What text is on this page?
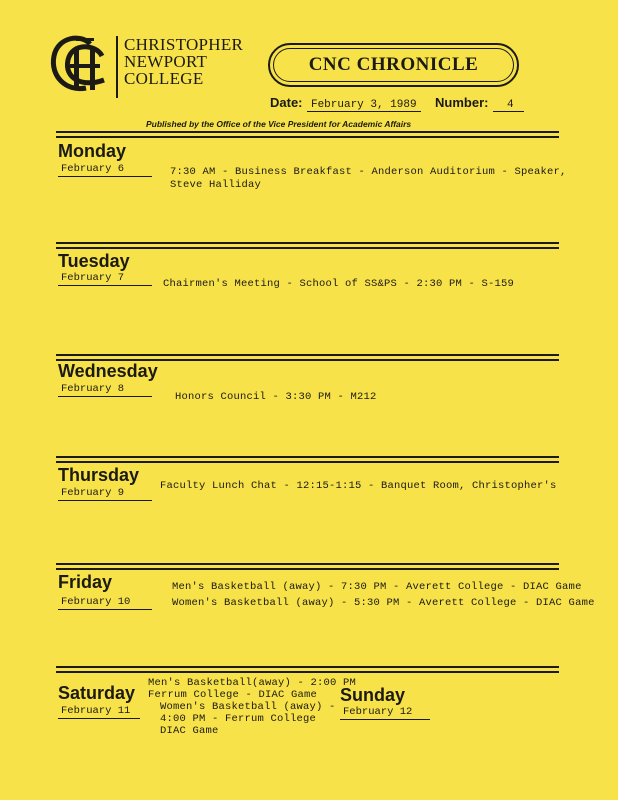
CHRISTOPHER
NEWPORT
COLLEGE
CNC CHRONICLE
Date: February 3, 1989 Number: 4
Published by the Office of the Vice President for Academic Affairs
Monday
February 6	7:30 AM - Business Breakfast - Anderson Auditorium - Speaker,
Steve Halliday
Tuesday
February 7	Chairmen's Meeting - School of SS&PS - 2:30 PM - S-159
Wednesday
February 8
Honors Council - 3:30 PM - M212
Thursday
February 9
Faculty Lunch Chat - 12:15-1:15 - Banquet Room, Christopher's
Friday
February 10
Men's Basketball (away) - 7:30 PM - Averett College - DIAC Game
Women's Basketball (away) - 5:30 PM - Averett College - DIAC Game
Saturday
February 11
Men's Basketball(away) - 2:00 PM
Ferrum College - DIAC Game
Women's Basketball (away) -
4:00 PM - Ferrum College
DIAC Game
Sunday
February 12
